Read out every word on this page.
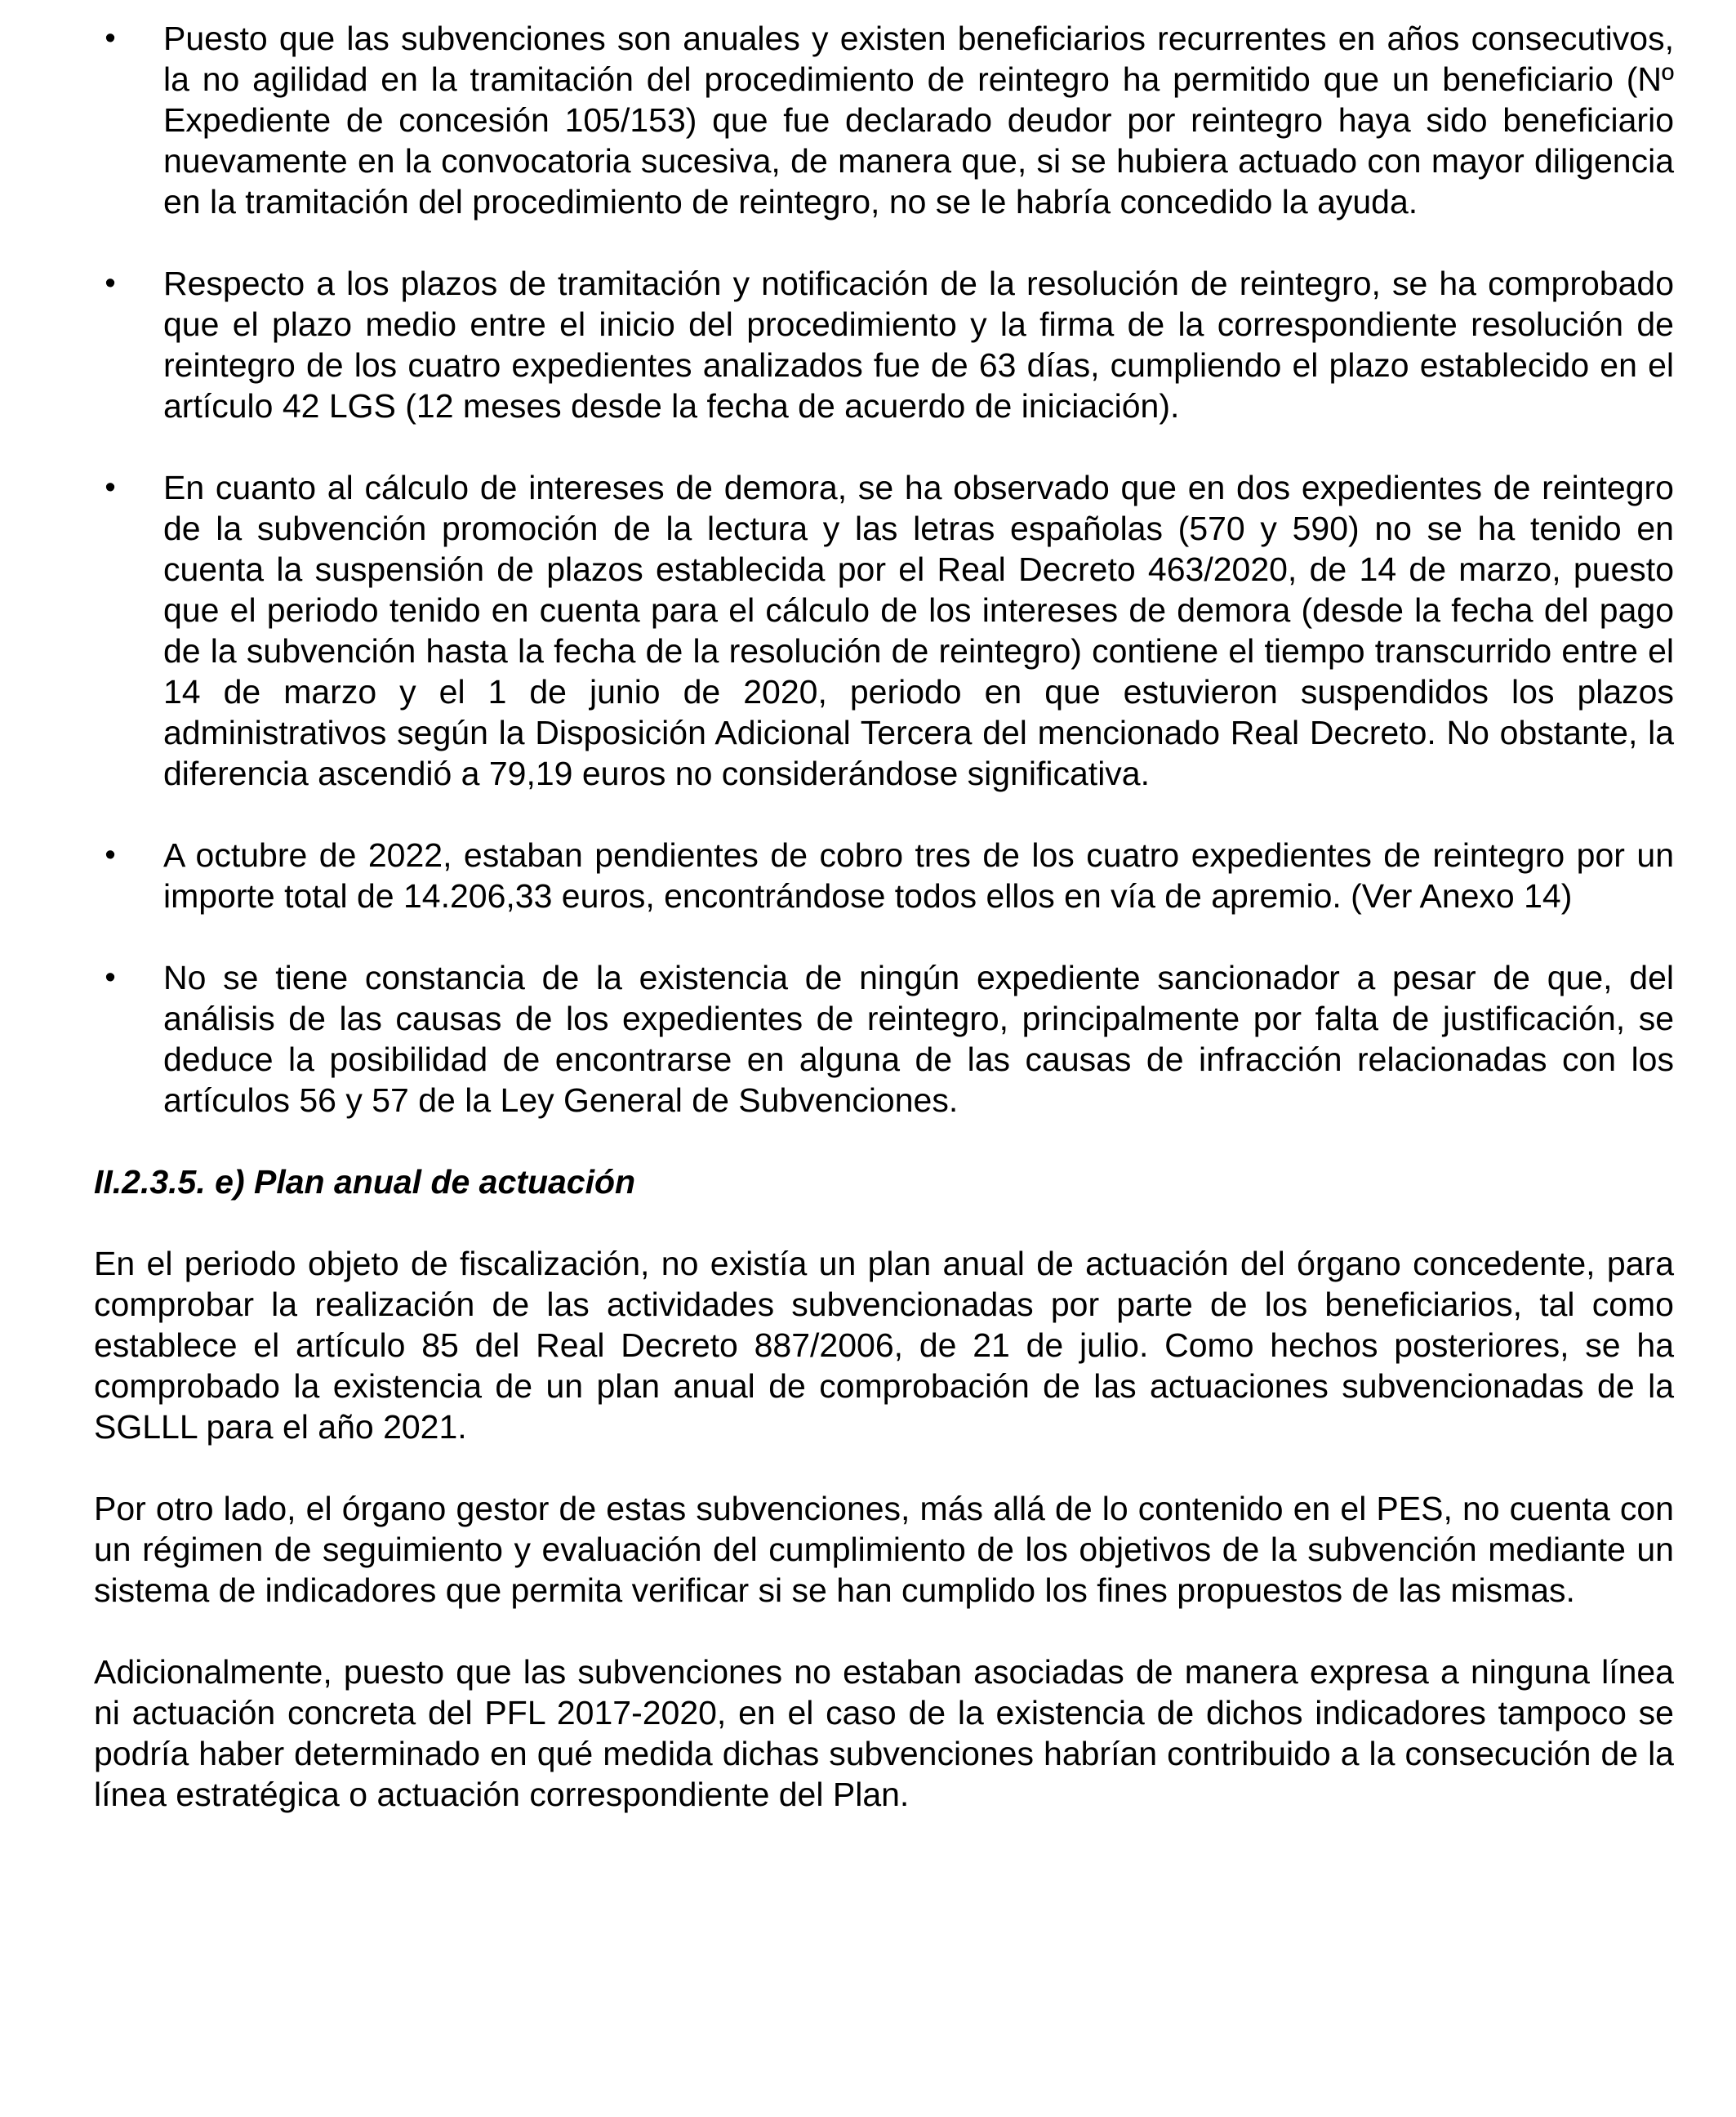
•	Puesto que las subvenciones son anuales y existen beneficiarios recurrentes en años consecutivos, la no agilidad en la tramitación del procedimiento de reintegro ha permitido que un beneficiario (Nº Expediente de concesión 105/153) que fue declarado deudor por reintegro haya sido beneficiario nuevamente en la convocatoria sucesiva, de manera que, si se hubiera actuado con mayor diligencia en la tramitación del procedimiento de reintegro, no se le habría concedido la ayuda.

•	Respecto a los plazos de tramitación y notificación de la resolución de reintegro, se ha comprobado que el plazo medio entre el inicio del procedimiento y la firma de la correspondiente resolución de reintegro de los cuatro expedientes analizados fue de 63 días, cumpliendo el plazo establecido en el artículo 42 LGS (12 meses desde la fecha de acuerdo de iniciación).

•	En cuanto al cálculo de intereses de demora, se ha observado que en dos expedientes de reintegro de la subvención promoción de la lectura y las letras españolas (570 y 590) no se ha tenido en cuenta la suspensión de plazos establecida por el Real Decreto 463/2020, de 14 de marzo, puesto que el periodo tenido en cuenta para el cálculo de los intereses de demora (desde la fecha del pago de la subvención hasta la fecha de la resolución de reintegro) contiene el tiempo transcurrido entre el 14 de marzo y el 1 de junio de 2020, periodo en que estuvieron suspendidos los plazos administrativos según la Disposición Adicional Tercera del mencionado Real Decreto. No obstante, la diferencia ascendió a 79,19 euros no considerándose significativa.

•	A octubre de 2022, estaban pendientes de cobro tres de los cuatro expedientes de reintegro por un importe total de 14.206,33 euros, encontrándose todos ellos en vía de apremio. (Ver Anexo 14)

•	No se tiene constancia de la existencia de ningún expediente sancionador a pesar de que, del análisis de las causas de los expedientes de reintegro, principalmente por falta de justificación, se deduce la posibilidad de encontrarse en alguna de las causas de infracción relacionadas con los artículos 56 y 57 de la Ley General de Subvenciones.

II.2.3.5. e) Plan anual de actuación

En el periodo objeto de fiscalización, no existía un plan anual de actuación del órgano concedente, para comprobar la realización de las actividades subvencionadas por parte de los beneficiarios, tal como establece el artículo 85 del Real Decreto 887/2006, de 21 de julio. Como hechos posteriores, se ha comprobado la existencia de un plan anual de comprobación de las actuaciones subvencionadas de la SGLLL para el año 2021.

Por otro lado, el órgano gestor de estas subvenciones, más allá de lo contenido en el PES, no cuenta con un régimen de seguimiento y evaluación del cumplimiento de los objetivos de la subvención mediante un sistema de indicadores que permita verificar si se han cumplido los fines propuestos de las mismas.

Adicionalmente, puesto que las subvenciones no estaban asociadas de manera expresa a ninguna línea ni actuación concreta del PFL 2017-2020, en el caso de la existencia de dichos indicadores tampoco se podría haber determinado en qué medida dichas subvenciones habrían contribuido a la consecución de la línea estratégica o actuación correspondiente del Plan.
